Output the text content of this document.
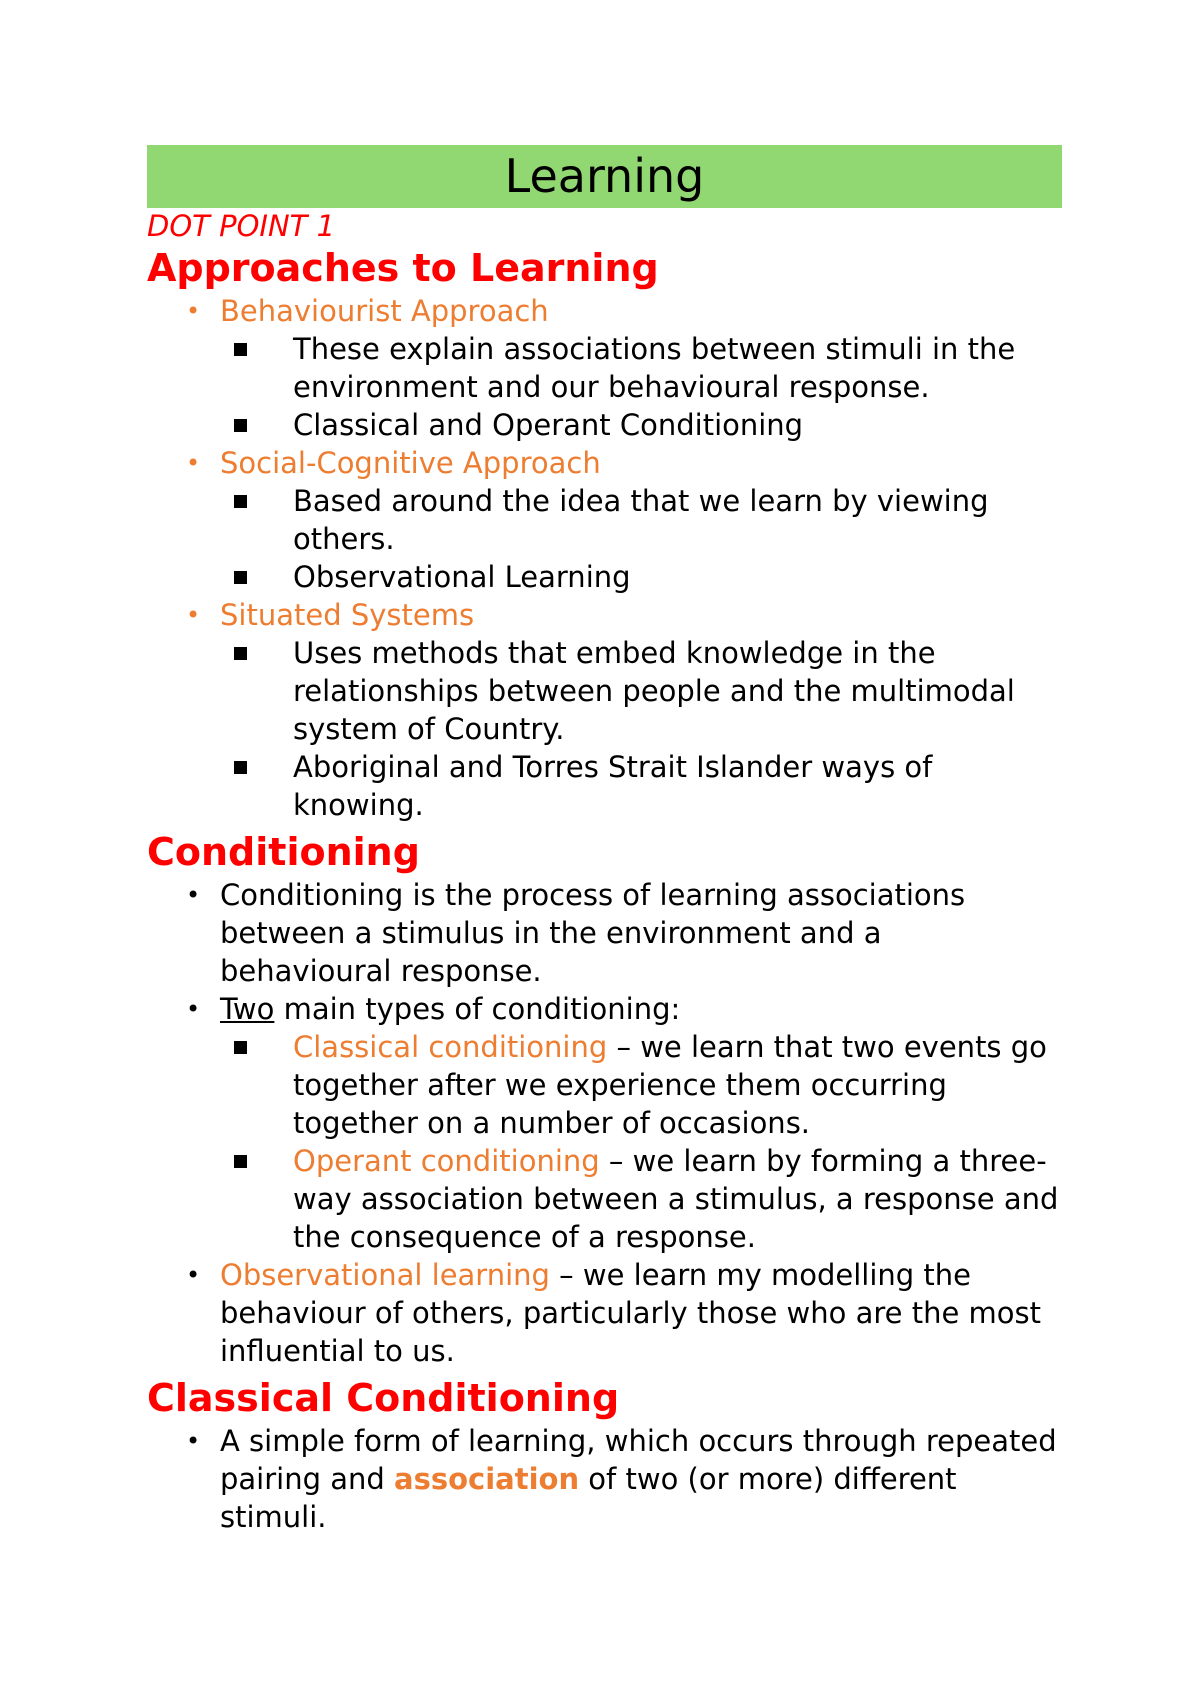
Learning
DOT POINT 1
Approaches to Learning
• Behaviourist Approach
These explain associations between stimuli in the environment and our behavioural response.
Classical and Operant Conditioning
• Social-Cognitive Approach
Based around the idea that we learn by viewing others.
Observational Learning
• Situated Systems
Uses methods that embed knowledge in the relationships between people and the multimodal system of Country.
Aboriginal and Torres Strait Islander ways of knowing.
Conditioning
• Conditioning is the process of learning associations between a stimulus in the environment and a behavioural response.
• Two main types of conditioning:
Classical conditioning – we learn that two events go together after we experience them occurring together on a number of occasions.
Operant conditioning – we learn by forming a three-way association between a stimulus, a response and the consequence of a response.
• Observational learning – we learn my modelling the behaviour of others, particularly those who are the most influential to us.
Classical Conditioning
• A simple form of learning, which occurs through repeated pairing and association of two (or more) different stimuli.
